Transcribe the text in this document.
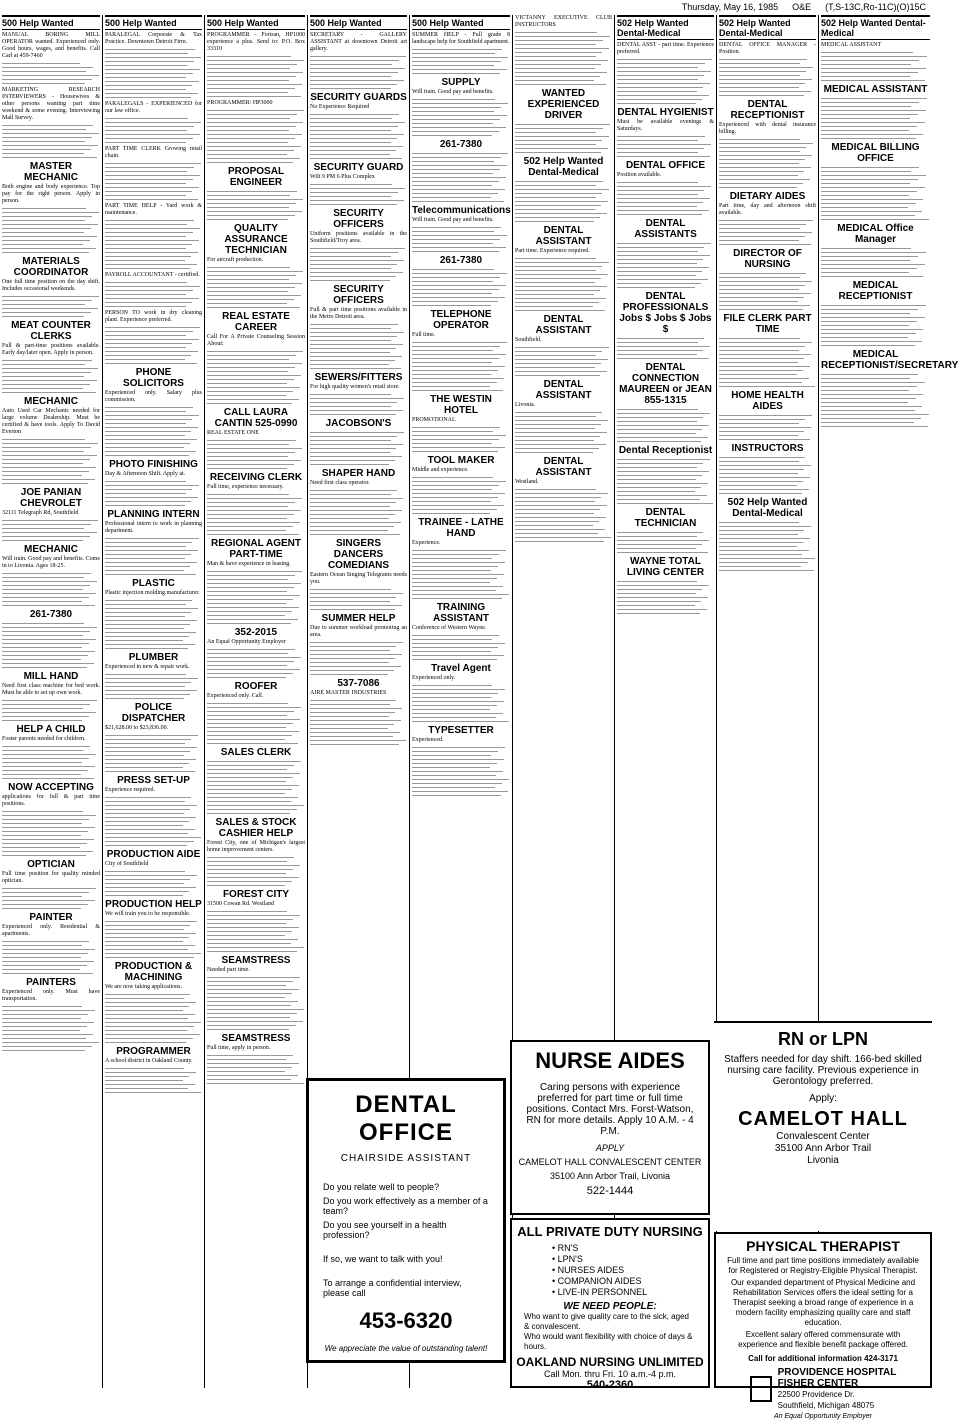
Thursday, May 16, 1985 O&E (T,S-13C,Ro-11C)(O)15C
500 Help Wanted

MANUAL BORING MILL OPERATOR wanted. Experienced only. Good hours, wages, and benefits. Call Carl at 459-7460

MARKETING RESEARCH INTERVIEWERS - Housewives & other persons wanting part time weekend & some evening. Interviewing Mall Survey.

MASTER MECHANIC

Both engine and body experience. Top pay for the right person. Apply in person.

MATERIALS COORDINATOR

One full time position on the day shift. Includes occasional weekends.

MEAT COUNTER CLERKS

Full & part-time positions available. Early day/later open. Apply in person.

MECHANIC

Auto Used Car Mechanic needed for large volume Dealership. Must be certified & have tools. Apply To David Everton

JOE PANIAN CHEVROLET

32111 Telegraph Rd, Southfield

MECHANIC

Will train. Good pay and benefits. Come in to Livonia. Ages 18-25.

261-7380
MILL HAND

Need first class machine for bed work. Must be able to set up own work.

HELP A CHILD

Foster parents needed for children.

NOW ACCEPTING

applications for full & part time positions.

OPTICIAN

Full time position for quality minded optician.

PAINTER

Experienced only. Residential & apartments.

PAINTERS

Experienced only. Must have transportation.

500 Help Wanted

PARALEGAL Corporate & Tax Practice. Downtown Detroit Firm.

PARALEGALS - EXPERIENCED for our law office.

PART TIME CLERK Growing retail chain.

PART TIME HELP - Yard work & maintenance.

PAYROLL ACCOUNTANT - certified.

PERSON TO work in dry cleaning plant. Experience preferred.

PHONE SOLICITORS

Experienced only. Salary plus commission.

PHOTO FINISHING

Day & Afternoon Shift. Apply at.

PLANNING INTERN

Professional intern to work in planning department.

PLASTIC

Plastic injection molding manufacturer.

PLUMBER

Experienced in new & repair work.

POLICE DISPATCHER

$21,628.00 to $23,836.00.

PRESS SET-UP

Experience required.

PRODUCTION AIDE

City of Southfield

PRODUCTION HELP

We will train you to be responsible.

PRODUCTION & MACHINING

We are now taking applications.

PROGRAMMER

A school district in Oakland County.

500 Help Wanted

PROGRAMMER - Fortran, HP1000 experience a plus. Send to: P.O. Box 33310

PROGRAMMER/ HP3000

PROPOSAL ENGINEER
QUALITY ASSURANCE TECHNICIAN

For aircraft production.

REAL ESTATE CAREER

Call For A Private Counseling Session About:

CALL LAURA CANTIN 525-0990

REAL ESTATE ONE

RECEIVING CLERK

Full time, experience necessary.

REGIONAL AGENT PART-TIME

Man & have experience in leasing.

352-2015

An Equal Opportunity Employer

ROOFER

Experienced only. Call.

SALES CLERK
SALES & STOCK CASHIER HELP

Forest City, one of Michigan's largest home improvement centers.

FOREST CITY

31500 Cowan Rd. Westland

SEAMSTRESS

Needed part time.

SEAMSTRESS

Full time, apply in person.

500 Help Wanted

SECRETARY - GALLERY ASSISTANT at downtown Detroit art gallery.

SECURITY GUARDS

No Experience Required

SECURITY GUARD

Wilt 9 PM 6 Plus Complex

SECURITY OFFICERS

Uniform positions available in the Southfield/Troy area.

SECURITY OFFICERS

Full & part time positions available in the Metro Detroit area.

SEWERS/FITTERS

For high quality women's retail store.

JACOBSON'S
SHAPER HAND

Need first class operator.

SINGERS DANCERS COMEDIANS

Eastern Ocean Singing Telegrams needs you.

SUMMER HELP

Due to summer workload promoting an area.

537-7086

AIRE MASTER INDUSTRIES

500 Help Wanted

SUMMER HELP - Full grade 8 landscape help for Southfield apartment.

SUPPLY

Will train. Good pay and benefits.

261-7380
Telecommunications

Will train. Good pay and benefits.

261-7380
TELEPHONE OPERATOR

Full time.

THE WESTIN HOTEL

PROMOTIONAL

TOOL MAKER

Middle and experience.

TRAINEE - LATHE HAND

Experience.

TRAINING ASSISTANT

Conference of Western Wayne.

Travel Agent

Experienced only.

TYPESETTER

Experienced.

VICTANNY EXECUTIVE CLUB INSTRUCTORS

WANTED EXPERIENCED DRIVER
502 Help Wanted Dental-Medical
DENTAL ASSISTANT

Part time. Experience required.

DENTAL ASSISTANT

Southfield.

DENTAL ASSISTANT

Livonia.

DENTAL ASSISTANT

Westland.

502 Help Wanted Dental-Medical

DENTAL ASST - part time. Experience preferred.

DENTAL HYGIENIST

Must be available evenings & Saturdays.

DENTAL OFFICE

Position available.

DENTAL ASSISTANTS
DENTAL PROFESSIONALS Jobs $ Jobs $ Jobs $
DENTAL CONNECTION MAUREEN or JEAN 855-1315
Dental Receptionist
DENTAL TECHNICIAN
WAYNE TOTAL LIVING CENTER
502 Help Wanted Dental-Medical

DENTAL OFFICE MANAGER - Position.

DENTAL RECEPTIONIST

Experienced with dental insurance billing.

DIETARY AIDES

Part time, day and afternoon shift available.

DIRECTOR OF NURSING
FILE CLERK PART TIME
HOME HEALTH AIDES
INSTRUCTORS
502 Help Wanted Dental-Medical
502 Help Wanted Dental-Medical

MEDICAL ASSISTANT

MEDICAL ASSISTANT
MEDICAL BILLING OFFICE
MEDICAL Office Manager
MEDICAL RECEPTIONIST
MEDICAL RECEPTIONIST/SECRETARY
DENTAL OFFICE
CHAIRSIDE ASSISTANT
Do you relate well to people?
Do you work effectively as a member of a team?
Do you see yourself in a health profession?
If so, we want to talk with you!
To arrange a confidential interview, please call
453-6320
We appreciate the value of outstanding talent!
NURSE AIDES
Caring persons with experience preferred for part time or full time positions. Contact Mrs. Forst-Watson, RN for more details. Apply 10 A.M. - 4 P.M.
APPLY
CAMELOT HALL CONVALESCENT CENTER
35100 Ann Arbor Trail, Livonia
522-1444
ALL PRIVATE DUTY NURSING
• RN'S
• LPN'S
• NURSES AIDES
• COMPANION AIDES
• LIVE-IN PERSONNEL
WE NEED PEOPLE:
Who want to give quality care to the sick, aged & convalescent.
Who would want flexibility with choice of days & hours.
OAKLAND NURSING UNLIMITED
Call Mon. thru Fri. 10 a.m.-4 p.m.
540-2360
RN or LPN
Staffers needed for day shift. 166-bed skilled nursing care facility. Previous experience in Gerontology preferred.
Apply:
CAMELOT HALL
Convalescent Center
35100 Ann Arbor Trail
Livonia
PHYSICAL THERAPIST
Full time and part time positions immediately available for Registered or Registry-Eligible Physical Therapist.
Our expanded department of Physical Medicine and Rehabilitation Services offers the ideal setting for a Therapist seeking a broad range of experience in a modern facility emphasizing quality care and staff education.
Excellent salary offered commensurate with experience and flexible benefit package offered.
Call for additional information 424-3171
PROVIDENCE HOSPITAL
FISHER CENTER
22500 Providence Dr.
Southfield, Michigan 48075
An Equal Opportunity Employer
